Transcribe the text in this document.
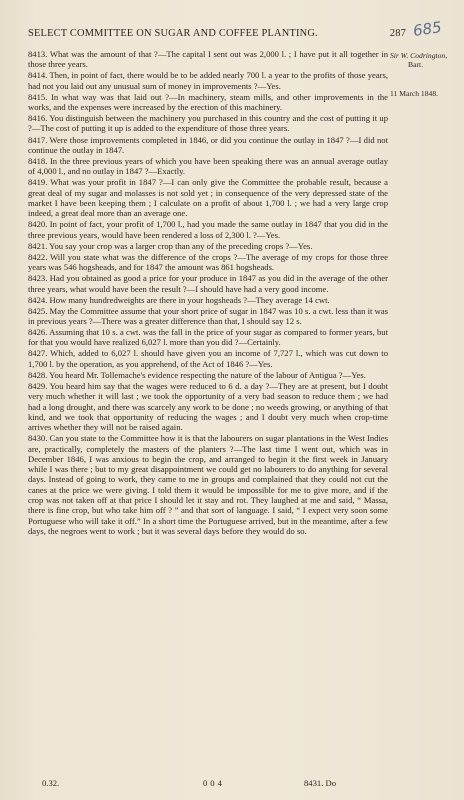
SELECT COMMITTEE ON SUGAR AND COFFEE PLANTING.	287 685
Sir W. Codrington,
Bart.
11 March 1848.

8413. What was the amount of that ?—The capital I sent out was 2,000 l. ; I have put it all together in those three years.

8414. Then, in point of fact, there would be to be added nearly 700 l. a year to the profits of those years, had not you laid out any unusual sum of money in improvements ?—Yes.

8415. In what way was that laid out ?—In machinery, steam mills, and other improvements in the works, and the expenses were increased by the erection of this machinery.

8416. You distinguish between the machinery you purchased in this country and the cost of putting it up ?—The cost of putting it up is added to the expenditure of those three years.

8417. Were those improvements completed in 1846, or did you continue the outlay in 1847 ?—I did not continue the outlay in 1847.

8418. In the three previous years of which you have been speaking there was an annual average outlay of 4,000 l., and no outlay in 1847 ?—Exactly.

8419. What was your profit in 1847 ?—I can only give the Committee the probable result, because a great deal of my sugar and molasses is not sold yet ; in consequence of the very depressed state of the market I have been keeping them ; I calculate on a profit of about 1,700 l. ; we had a very large crop indeed, a great deal more than an average one.

8420. In point of fact, your profit of 1,700 l., had you made the same outlay in 1847 that you did in the three previous years, would have been rendered a loss of 2,300 l. ?—Yes.

8421. You say your crop was a larger crop than any of the preceding crops ?—Yes.

8422. Will you state what was the difference of the crops ?—The average of my crops for those three years was 546 hogsheads, and for 1847 the amount was 861 hogsheads.

8423. Had you obtained as good a price for your produce in 1847 as you did in the average of the other three years, what would have been the result ?—I should have had a very good income.

8424. How many hundredweights are there in your hogsheads ?—They average 14 cwt.

8425. May the Committee assume that your short price of sugar in 1847 was 10 s. a cwt. less than it was in previous years ?—There was a greater difference than that, I should say 12 s.

8426. Assuming that 10 s. a cwt. was the fall in the price of your sugar as compared to former years, but for that you would have realized 6,027 l. more than you did ?—Certainly.

8427. Which, added to 6,027 l. should have given you an income of 7,727 l., which was cut down to 1,700 l. by the operation, as you apprehend, of the Act of 1846 ?—Yes.

8428. You heard Mr. Tollemache's evidence respecting the nature of the labour of Antigua ?—Yes.

8429. You heard him say that the wages were reduced to 6 d. a day ?—They are at present, but I doubt very much whether it will last ; we took the opportunity of a very bad season to reduce them ; we had had a long drought, and there was scarcely any work to be done ; no weeds growing, or anything of that kind, and we took that opportunity of reducing the wages ; and I doubt very much when crop-time arrives whether they will not be raised again.

8430. Can you state to the Committee how it is that the labourers on sugar plantations in the West Indies are, practically, completely the masters of the planters ?—The last time I went out, which was in December 1846, I was anxious to begin the crop, and arranged to begin it the first week in January while I was there ; but to my great disappointment we could get no labourers to do anything for several days. Instead of going to work, they came to me in groups and complained that they could not cut the canes at the price we were giving. I told them it would be impossible for me to give more, and if the crop was not taken off at that price I should let it stay and rot. They laughed at me and said, “ Massa, there is fine crop, but who take him off ? ” and that sort of language. I said, “ I expect very soon some Portuguese who will take it off.” In a short time the Portuguese arrived, but in the meantime, after a few days, the negroes went to work ; but it was several days before they would do so.

0.32.	004	8431. Do
